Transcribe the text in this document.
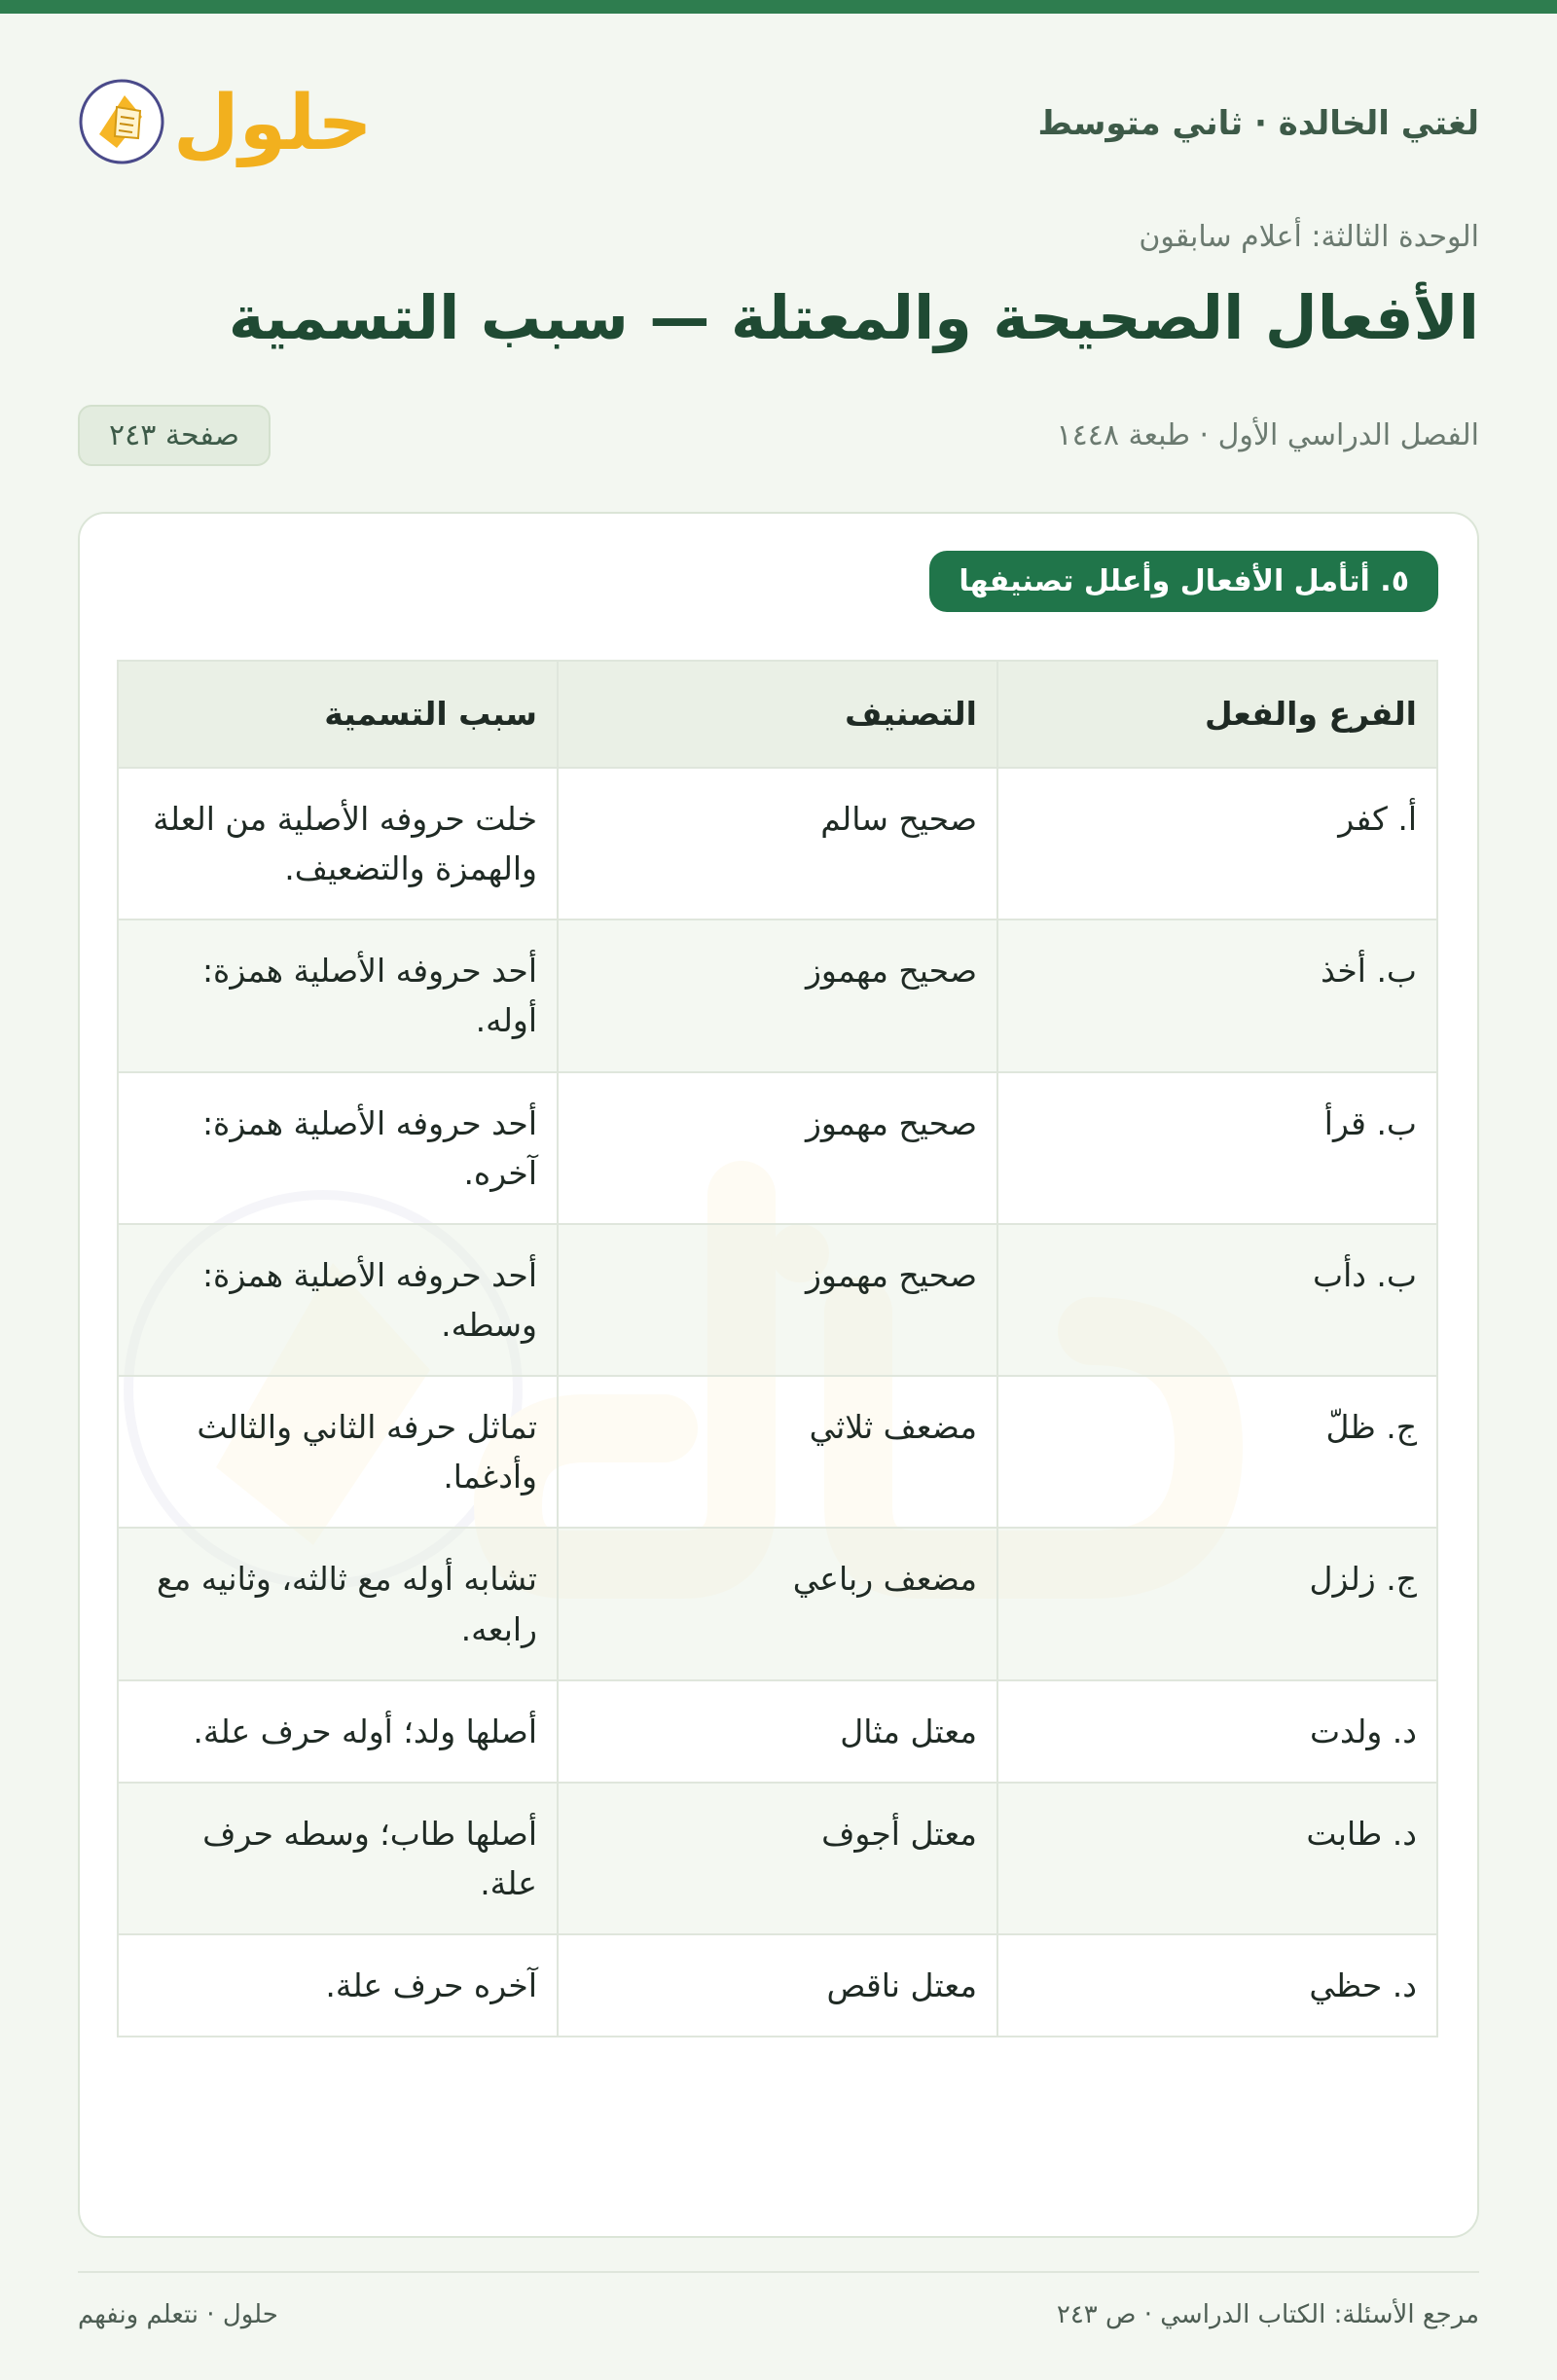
لغتي الخالدة · ثاني متوسط
حلول
الوحدة الثالثة: أعلام سابقون
الأفعال الصحيحة والمعتلة — سبب التسمية
الفصل الدراسي الأول · طبعة ١٤٤٨
صفحة ٢٤٣
٥. أتأمل الأفعال وأعلل تصنيفها
الفرع والفعل	التصنيف	سبب التسمية
أ. كفر	صحيح سالم	خلت حروفه الأصلية من العلة والهمزة والتضعيف.
ب. أخذ	صحيح مهموز	أحد حروفه الأصلية همزة: أوله.
ب. قرأ	صحيح مهموز	أحد حروفه الأصلية همزة: آخره.
ب. دأب	صحيح مهموز	أحد حروفه الأصلية همزة: وسطه.
ج. ظلّ	مضعف ثلاثي	تماثل حرفه الثاني والثالث وأدغما.
ج. زلزل	مضعف رباعي	تشابه أوله مع ثالثه، وثانيه مع رابعه.
د. ولدت	معتل مثال	أصلها ولد؛ أوله حرف علة.
د. طابت	معتل أجوف	أصلها طاب؛ وسطه حرف علة.
د. حظي	معتل ناقص	آخره حرف علة.
مرجع الأسئلة: الكتاب الدراسي · ص ٢٤٣
حلول · نتعلم ونفهم
